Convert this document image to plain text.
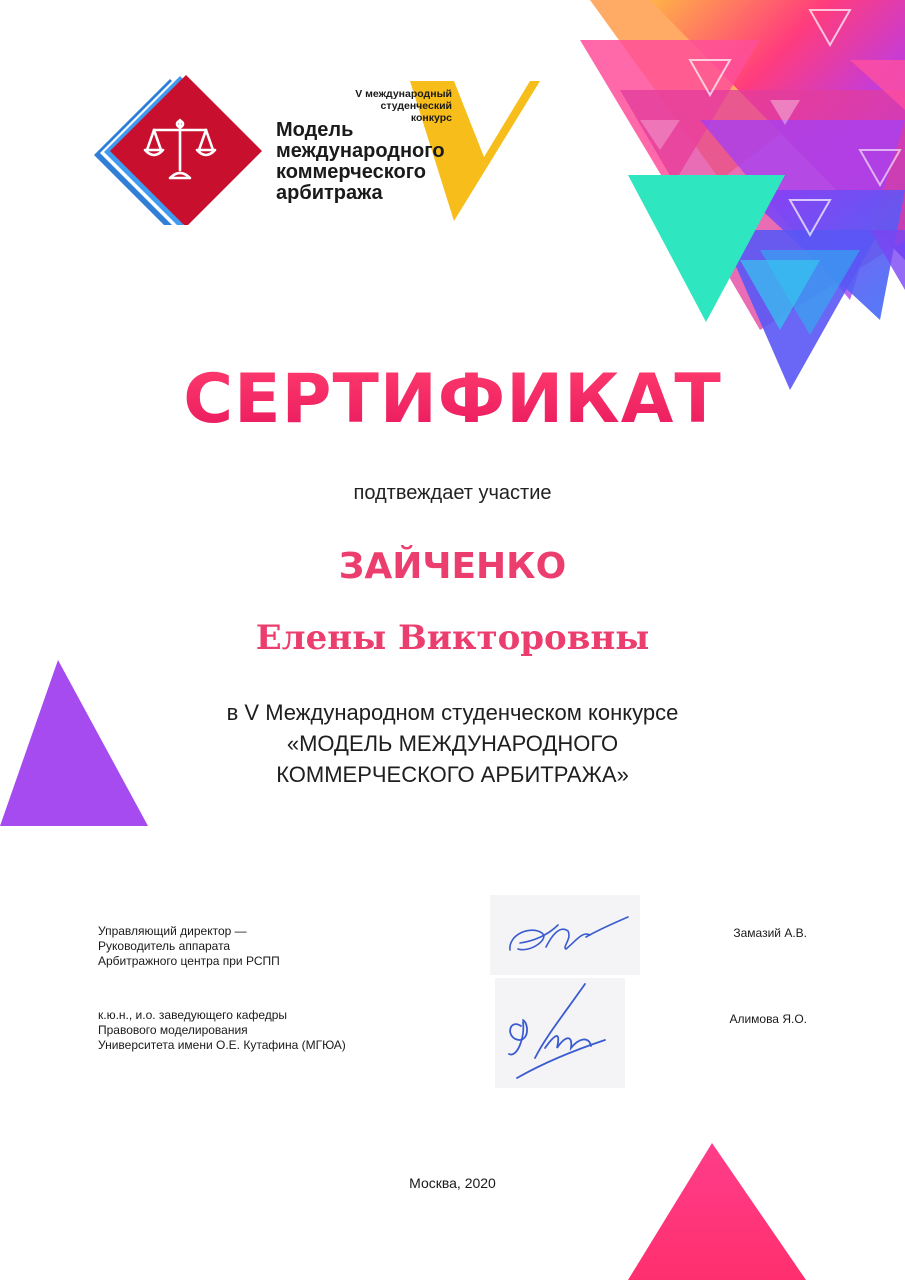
V международный
студенческий
конкурс
Модель
международного
коммерческого
арбитража
СЕРТИФИКАТ
подтвеждает участие
ЗАЙЧЕНКО
Елены Викторовны
в V Международном студенческом конкурсе
«МОДЕЛЬ МЕЖДУНАРОДНОГО
КОММЕРЧЕСКОГО АРБИТРАЖА»
Управляющий директор —
Руководитель аппарата
Арбитражного центра при РСПП
Замазий А.В.
к.ю.н., и.о. заведующего кафедры
Правового моделирования
Университета имени О.Е. Кутафина (МГЮА)
Алимова Я.О.
Москва, 2020
